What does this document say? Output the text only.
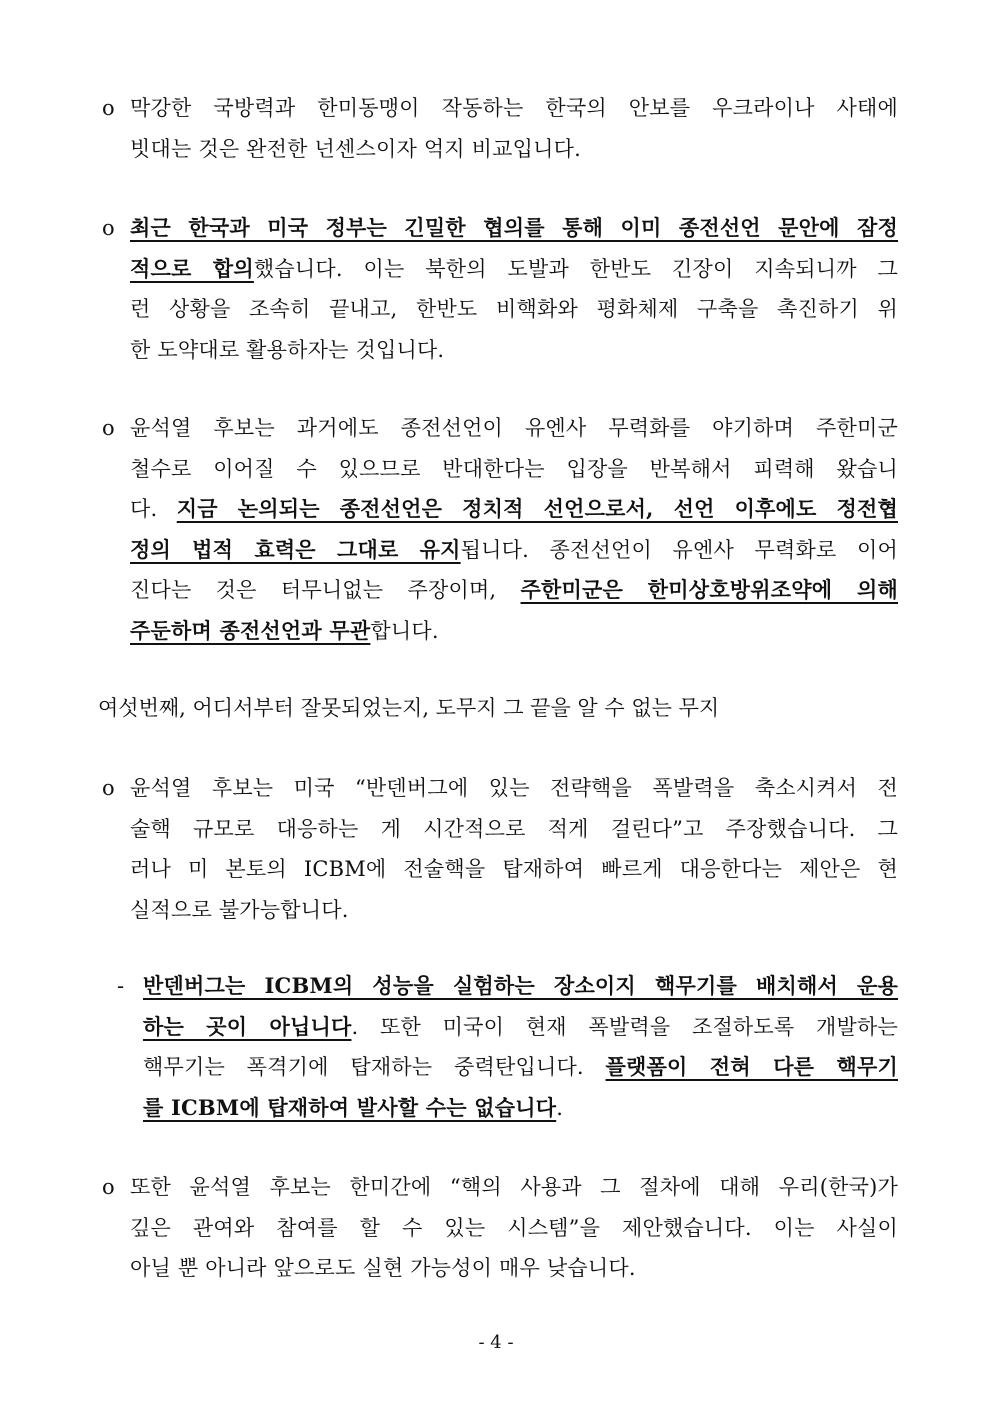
o 막강한 국방력과 한미동맹이 작동하는 한국의 안보를 우크라이나 사태에
빗대는 것은 완전한 넌센스이자 억지 비교입니다.
o 최근 한국과 미국 정부는 긴밀한 협의를 통해 이미 종전선언 문안에 잠정
적으로 합의했습니다. 이는 북한의 도발과 한반도 긴장이 지속되니까 그
런 상황을 조속히 끝내고, 한반도 비핵화와 평화체제 구축을 촉진하기 위
한 도약대로 활용하자는 것입니다.
o 윤석열 후보는 과거에도 종전선언이 유엔사 무력화를 야기하며 주한미군
철수로 이어질 수 있으므로 반대한다는 입장을 반복해서 피력해 왔습니
다. 지금 논의되는 종전선언은 정치적 선언으로서, 선언 이후에도 정전협
정의 법적 효력은 그대로 유지됩니다. 종전선언이 유엔사 무력화로 이어
진다는 것은 터무니없는 주장이며, 주한미군은 한미상호방위조약에 의해
주둔하며 종전선언과 무관합니다.
여섯번째, 어디서부터 잘못되었는지, 도무지 그 끝을 알 수 없는 무지
o 윤석열 후보는 미국 “반덴버그에 있는 전략핵을 폭발력을 축소시켜서 전
술핵 규모로 대응하는 게 시간적으로 적게 걸린다”고 주장했습니다. 그
러나 미 본토의 ICBM에 전술핵을 탑재하여 빠르게 대응한다는 제안은 현
실적으로 불가능합니다.
- 반덴버그는 ICBM의 성능을 실험하는 장소이지 핵무기를 배치해서 운용
하는 곳이 아닙니다. 또한 미국이 현재 폭발력을 조절하도록 개발하는
핵무기는 폭격기에 탑재하는 중력탄입니다. 플랫폼이 전혀 다른 핵무기
를 ICBM에 탑재하여 발사할 수는 없습니다.
o 또한 윤석열 후보는 한미간에 “핵의 사용과 그 절차에 대해 우리(한국)가
깊은 관여와 참여를 할 수 있는 시스템”을 제안했습니다. 이는 사실이
아닐 뿐 아니라 앞으로도 실현 가능성이 매우 낮습니다.
- 4 -
